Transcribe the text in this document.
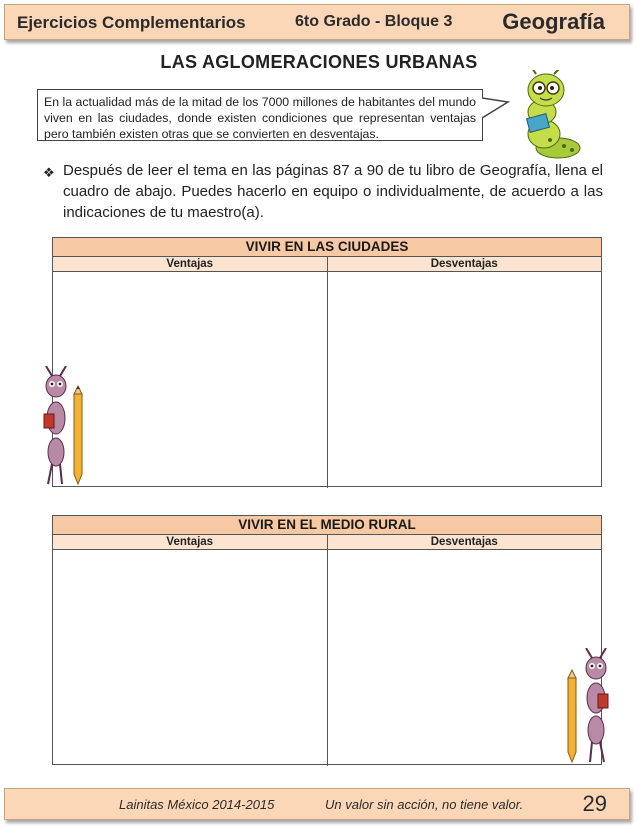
Ejercicios Complementarios	6to Grado - Bloque 3 Geografía
LAS AGLOMERACIONES URBANAS
En la actualidad más de la mitad de los 7000 millones de habitantes del mundo viven en las ciudades, donde existen condiciones que representan ventajas pero también existen otras que se convierten en desventajas.
❖ Después de leer el tema en las páginas 87 a 90 de tu libro de Geografía, llena el cuadro de abajo. Puedes hacerlo en equipo o individualmente, de acuerdo a las indicaciones de tu maestro(a).
VIVIR EN LAS CIUDADES
Ventajas	Desventajas
VIVIR EN EL MEDIO RURAL
Ventajas	Desventajas
Lainitas México 2014-2015	Un valor sin acción, no tiene valor.	29
